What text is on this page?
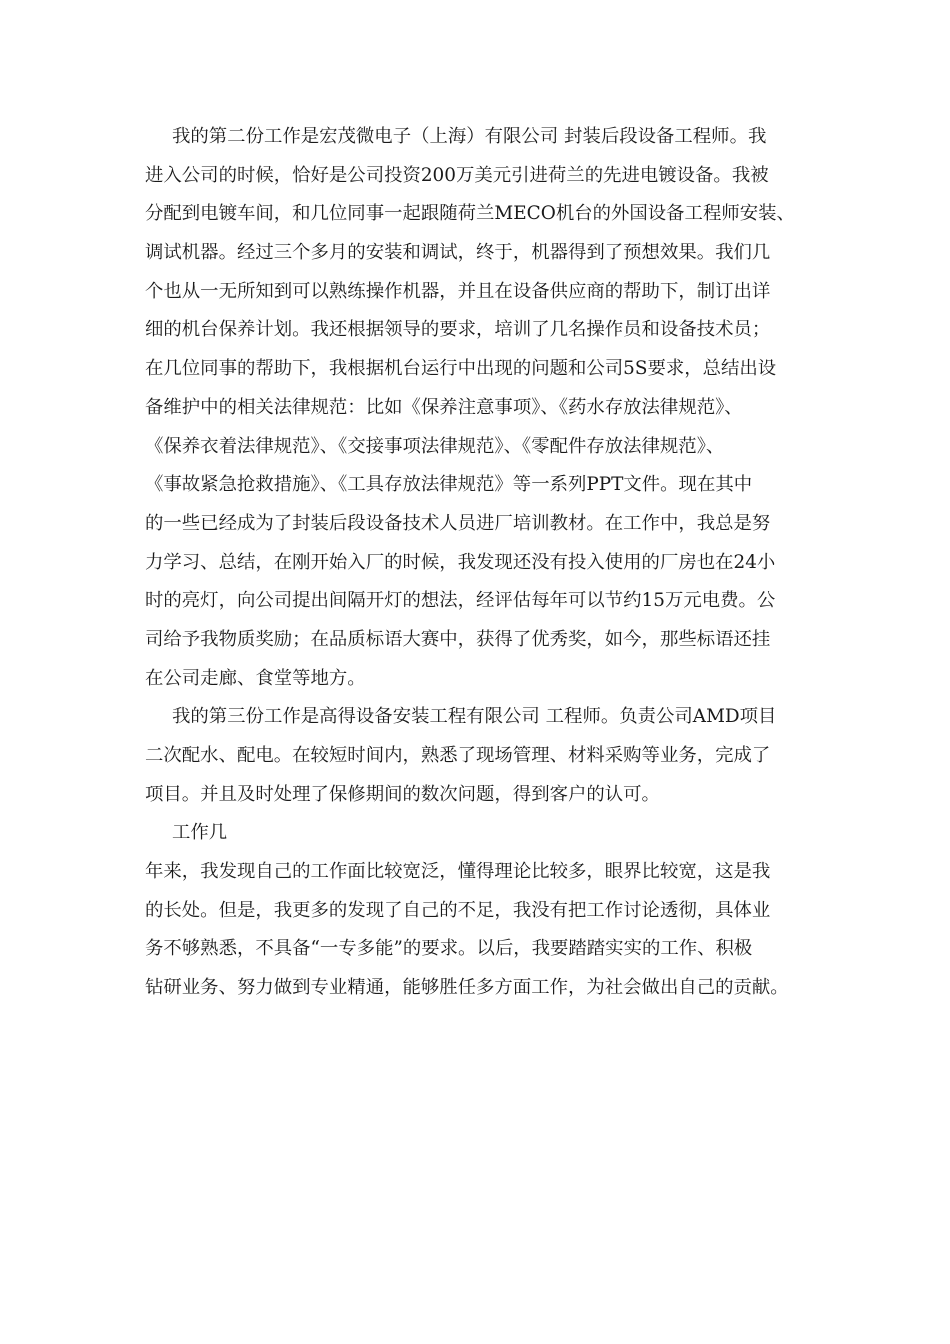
我的第二份工作是宏茂微电子（上海）有限公司 封装后段设备工程师。我
进入公司的时候，恰好是公司投资200万美元引进荷兰的先进电镀设备。我被
分配到电镀车间，和几位同事一起跟随荷兰MECO机台的外国设备工程师安装、
调试机器。经过三个多月的安装和调试，终于，机器得到了预想效果。我们几
个也从一无所知到可以熟练操作机器，并且在设备供应商的帮助下，制订出详
细的机台保养计划。我还根据领导的要求，培训了几名操作员和设备技术员；
在几位同事的帮助下，我根据机台运行中出现的问题和公司5S要求，总结出设
备维护中的相关法律规范：比如《保养注意事项》、《药水存放法律规范》、
《保养衣着法律规范》、《交接事项法律规范》、《零配件存放法律规范》、
《事故紧急抢救措施》、《工具存放法律规范》等一系列PPT文件。现在其中
的一些已经成为了封装后段设备技术人员进厂培训教材。在工作中，我总是努
力学习、总结，在刚开始入厂的时候，我发现还没有投入使用的厂房也在24小
时的亮灯，向公司提出间隔开灯的想法，经评估每年可以节约15万元电费。公
司给予我物质奖励；在品质标语大赛中，获得了优秀奖，如今，那些标语还挂
在公司走廊、食堂等地方。
我的第三份工作是高得设备安装工程有限公司 工程师。负责公司AMD项目
二次配水、配电。在较短时间内，熟悉了现场管理、材料采购等业务，完成了
项目。并且及时处理了保修期间的数次问题，得到客户的认可。
工作几
年来，我发现自己的工作面比较宽泛，懂得理论比较多，眼界比较宽，这是我
的长处。但是，我更多的发现了自己的不足，我没有把工作讨论透彻，具体业
务不够熟悉，不具备“一专多能”的要求。以后，我要踏踏实实的工作、积极
钻研业务、努力做到专业精通，能够胜任多方面工作，为社会做出自己的贡献。
